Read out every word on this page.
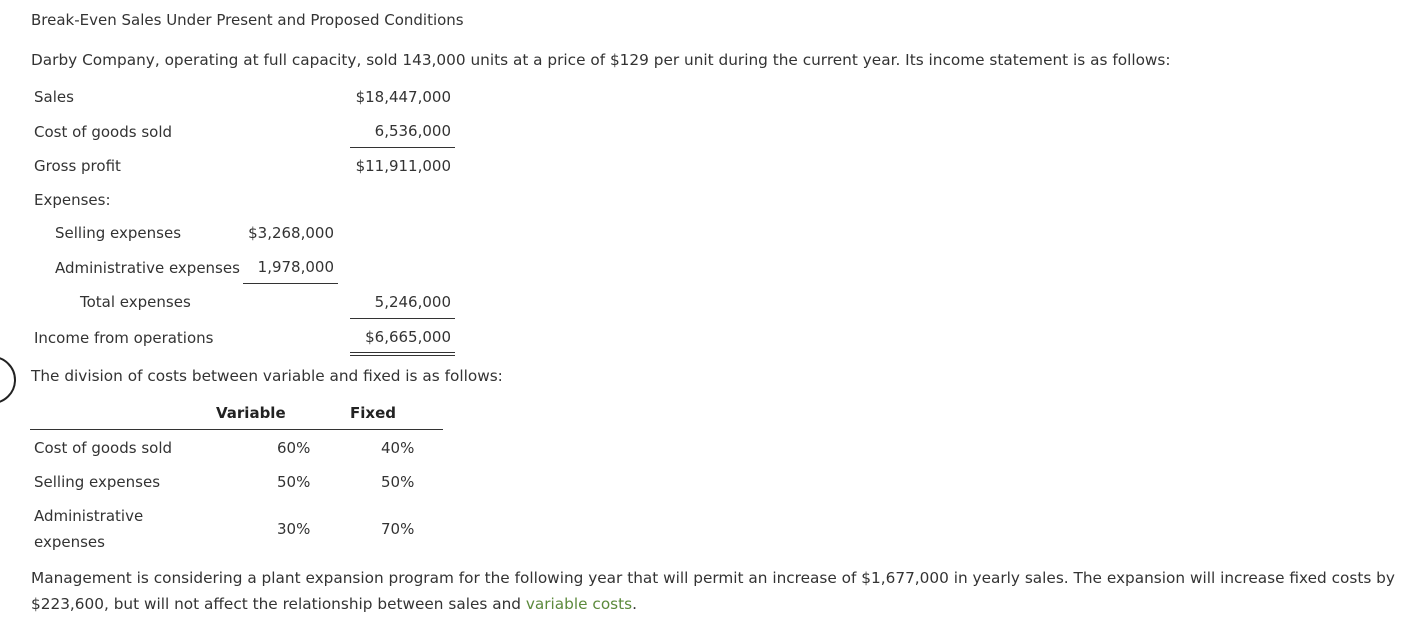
Break-Even Sales Under Present and Proposed Conditions
Darby Company, operating at full capacity, sold 143,000 units at a price of $129 per unit during the current year. Its income statement is as follows:
Sales	$18,447,000
Cost of goods sold	6,536,000
Gross profit	$11,911,000
Expenses:
Selling expenses	$3,268,000
Administrative expenses	1,978,000
Total expenses	5,246,000
Income from operations	$6,665,000
The division of costs between variable and fixed is as follows:
Variable	Fixed
Cost of goods sold	60%	40%
Selling expenses	50%	50%
Administrative
expenses
30%	70%
Management is considering a plant expansion program for the following year that will permit an increase of $1,677,000 in yearly sales. The expansion will increase fixed costs by
$223,600, but will not affect the relationship between sales and variable costs.
